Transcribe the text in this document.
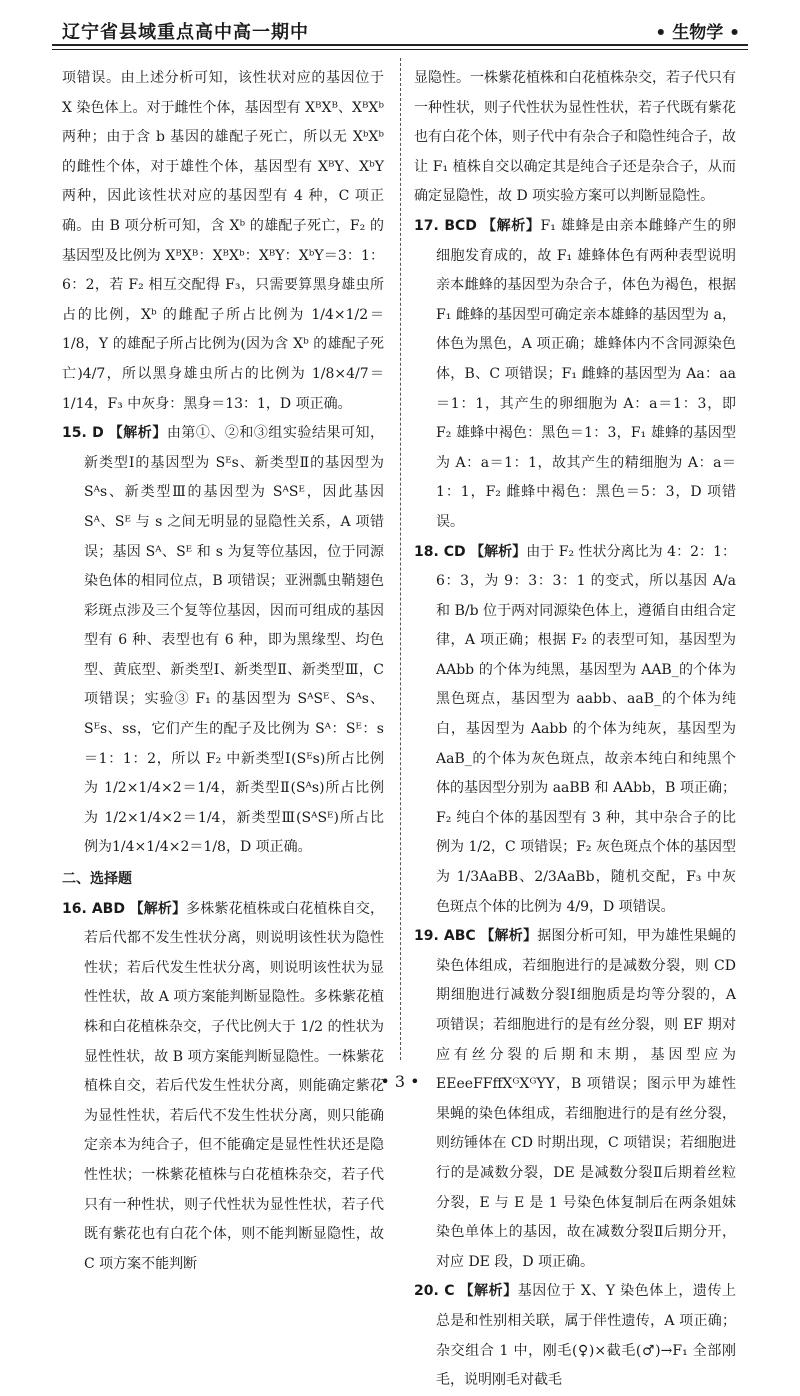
辽宁省县域重点高中高一期中	• 生物学 •

项错误。由上述分析可知，该性状对应的基因位于 X 染色体上。对于雌性个体，基因型有 XᴮXᴮ、XᴮXᵇ 两种；由于含 b 基因的雄配子死亡，所以无 XᵇXᵇ 的雌性个体，对于雄性个体，基因型有 XᴮY、XᵇY 两种，因此该性状对应的基因型有 4 种，C 项正确。由 B 项分析可知，含 Xᵇ 的雄配子死亡，F₂ 的基因型及比例为 XᴮXᴮ：XᴮXᵇ：XᴮY：XᵇY＝3：1：6：2，若 F₂ 相互交配得 F₃，只需要算黑身雄虫所占的比例，Xᵇ 的雌配子所占比例为 1/4×1/2＝1/8，Y 的雄配子所占比例为(因为含 Xᵇ 的雄配子死亡)4/7，所以黑身雄虫所占的比例为 1/8×4/7＝1/14，F₃ 中灰身：黑身＝13：1，D 项正确。

15. D 【解析】由第①、②和③组实验结果可知，新类型Ⅰ的基因型为 Sᴱs、新类型Ⅱ的基因型为 Sᴬs、新类型Ⅲ的基因型为 SᴬSᴱ，因此基因 Sᴬ、Sᴱ 与 s 之间无明显的显隐性关系，A 项错误；基因 Sᴬ、Sᴱ 和 s 为复等位基因，位于同源染色体的相同位点，B 项错误；亚洲瓢虫鞘翅色彩斑点涉及三个复等位基因，因而可组成的基因型有 6 种、表型也有 6 种，即为黑缘型、均色型、黄底型、新类型Ⅰ、新类型Ⅱ、新类型Ⅲ，C 项错误；实验③ F₁ 的基因型为 SᴬSᴱ、Sᴬs、Sᴱs、ss，它们产生的配子及比例为 Sᴬ：Sᴱ：s＝1：1：2，所以 F₂ 中新类型Ⅰ(Sᴱs)所占比例为 1/2×1/4×2＝1/4，新类型Ⅱ(Sᴬs)所占比例为 1/2×1/4×2＝1/4，新类型Ⅲ(SᴬSᴱ)所占比例为1/4×1/4×2＝1/8，D 项正确。

二、选择题

16. ABD 【解析】多株紫花植株或白花植株自交，若后代都不发生性状分离，则说明该性状为隐性性状；若后代发生性状分离，则说明该性状为显性性状，故 A 项方案能判断显隐性。多株紫花植株和白花植株杂交，子代比例大于 1/2 的性状为显性性状，故 B 项方案能判断显隐性。一株紫花植株自交，若后代发生性状分离，则能确定紫花为显性性状，若后代不发生性状分离，则只能确定亲本为纯合子，但不能确定是显性性状还是隐性性状；一株紫花植株与白花植株杂交，若子代只有一种性状，则子代性状为显性性状，若子代既有紫花也有白花个体，则不能判断显隐性，故 C 项方案不能判断

显隐性。一株紫花植株和白花植株杂交，若子代只有一种性状，则子代性状为显性性状，若子代既有紫花也有白花个体，则子代中有杂合子和隐性纯合子，故让 F₁ 植株自交以确定其是纯合子还是杂合子，从而确定显隐性，故 D 项实验方案可以判断显隐性。

17. BCD 【解析】F₁ 雄蜂是由亲本雌蜂产生的卵细胞发育成的，故 F₁ 雄蜂体色有两种表型说明亲本雌蜂的基因型为杂合子，体色为褐色，根据 F₁ 雌蜂的基因型可确定亲本雄蜂的基因型为 a，体色为黑色，A 项正确；雄蜂体内不含同源染色体，B、C 项错误；F₁ 雌蜂的基因型为 Aa：aa＝1：1，其产生的卵细胞为 A：a＝1：3，即 F₂ 雄蜂中褐色：黑色＝1：3，F₁ 雄蜂的基因型为 A：a＝1：1，故其产生的精细胞为 A：a＝1：1，F₂ 雌蜂中褐色：黑色＝5：3，D 项错误。

18. CD 【解析】由于 F₂ 性状分离比为 4：2：1：6：3，为 9：3：3：1 的变式，所以基因 A/a 和 B/b 位于两对同源染色体上，遵循自由组合定律，A 项正确；根据 F₂ 的表型可知，基因型为 AAbb 的个体为纯黑，基因型为 AAB_的个体为黑色斑点，基因型为 aabb、aaB_的个体为纯白，基因型为 Aabb 的个体为纯灰，基因型为 AaB_的个体为灰色斑点，故亲本纯白和纯黑个体的基因型分别为 aaBB 和 AAbb，B 项正确；F₂ 纯白个体的基因型有 3 种，其中杂合子的比例为 1/2，C 项错误；F₂ 灰色斑点个体的基因型为 1/3AaBB、2/3AaBb，随机交配，F₃ 中灰色斑点个体的比例为 4/9，D 项错误。

19. ABC 【解析】据图分析可知，甲为雄性果蝇的染色体组成，若细胞进行的是减数分裂，则 CD 期细胞进行减数分裂Ⅰ细胞质是均等分裂的，A 项错误；若细胞进行的是有丝分裂，则 EF 期对应有丝分裂的后期和末期，基因型应为 EEeeFFffXᴳXᴳYY，B 项错误；图示甲为雄性果蝇的染色体组成，若细胞进行的是有丝分裂，则纺锤体在 CD 时期出现，C 项错误；若细胞进行的是减数分裂，DE 是减数分裂Ⅱ后期着丝粒分裂，E 与 E 是 1 号染色体复制后在两条姐妹染色单体上的基因，故在减数分裂Ⅱ后期分开，对应 DE 段，D 项正确。

20. C 【解析】基因位于 X、Y 染色体上，遗传上总是和性别相关联，属于伴性遗传，A 项正确；杂交组合 1 中，刚毛(♀)×截毛(♂)→F₁ 全部刚毛，说明刚毛对截毛

• 3 •
